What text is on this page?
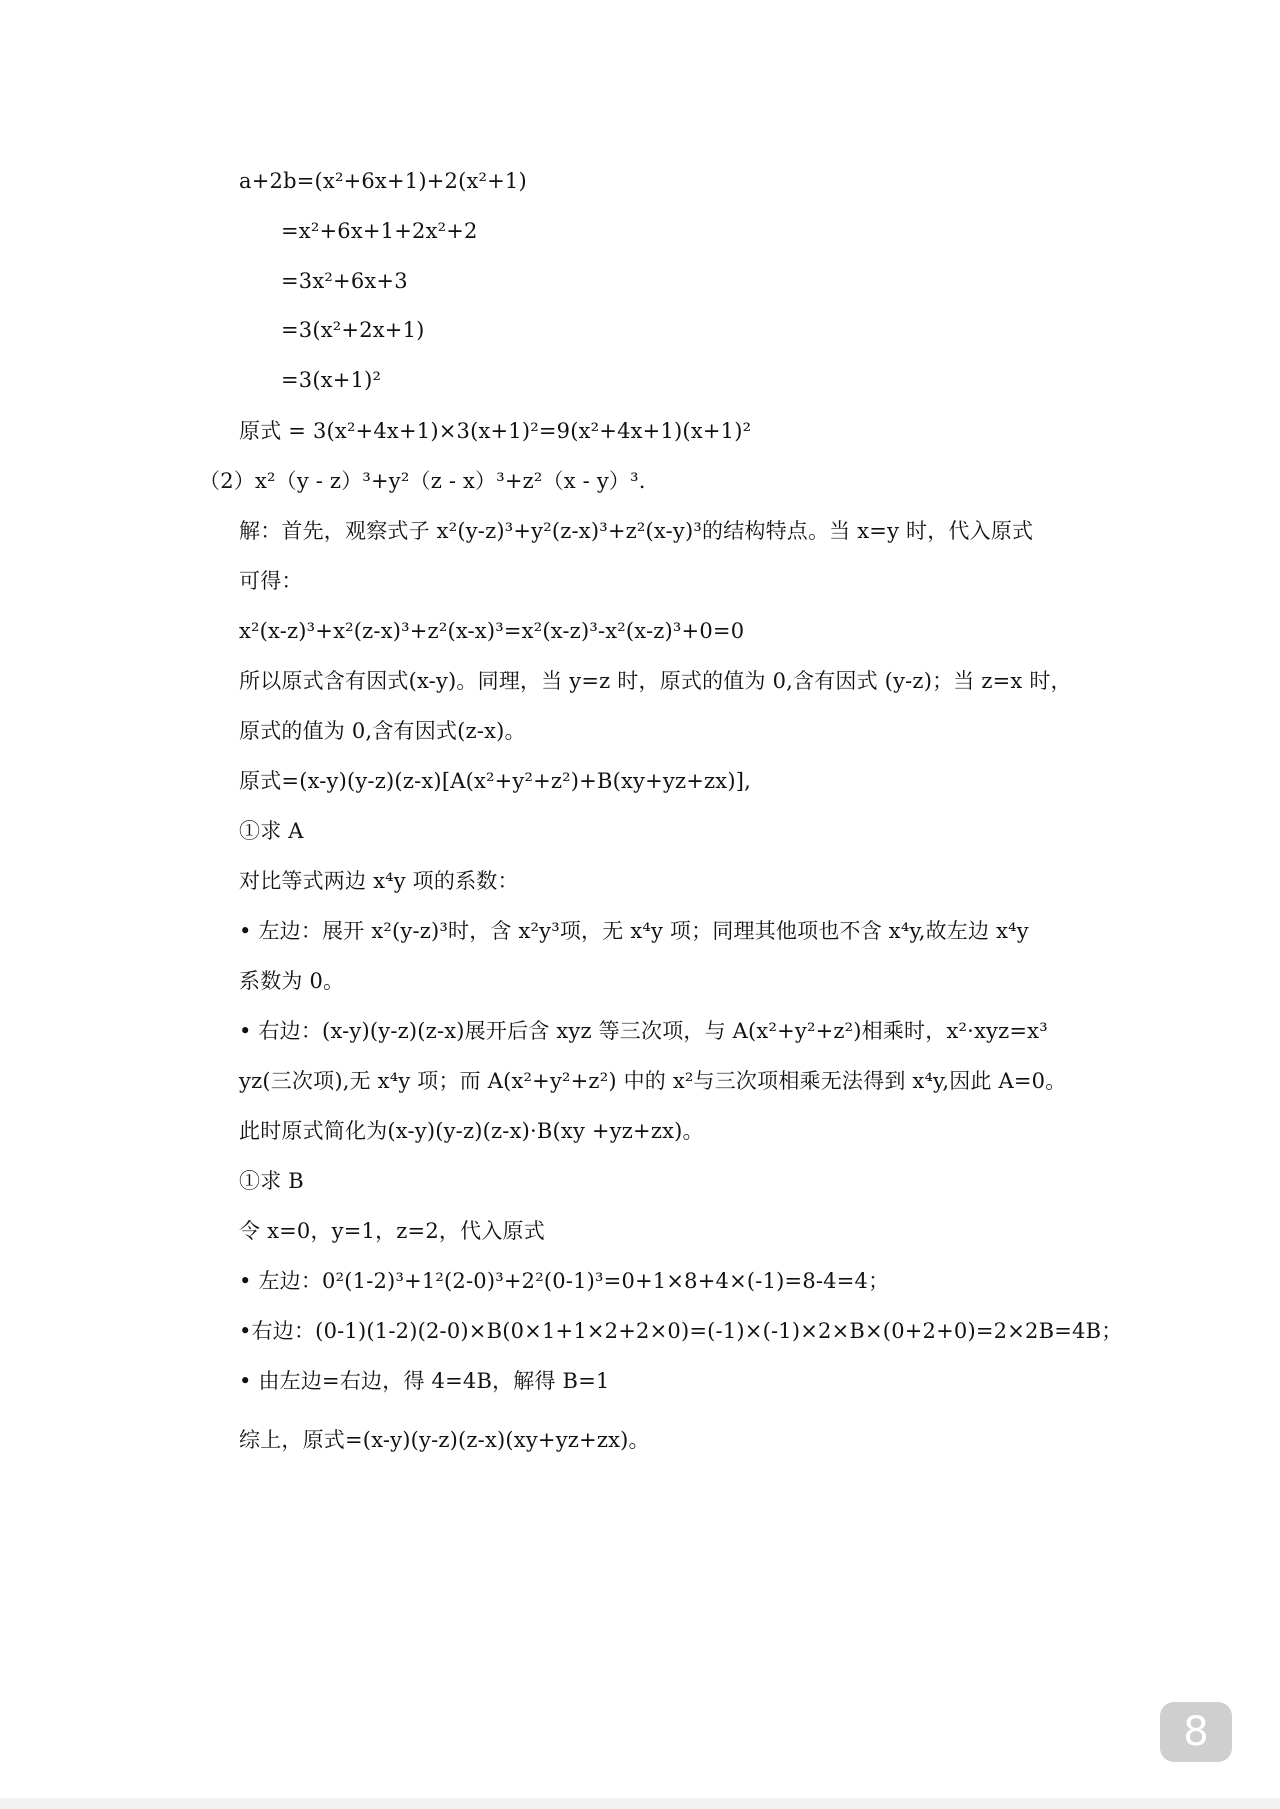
a+2b=(x²+6x+1)+2(x²+1)
=x²+6x+1+2x²+2
=3x²+6x+3
=3(x²+2x+1)
=3(x+1)²
原式 = 3(x²+4x+1)×3(x+1)²=9(x²+4x+1)(x+1)²
（2）x²（y - z）³+y²（z - x）³+z²（x - y）³.
解：首先，观察式子 x²(y-z)³+y²(z-x)³+z²(x-y)³的结构特点。当 x=y 时，代入原式
可得：
x²(x-z)³+x²(z-x)³+z²(x-x)³=x²(x-z)³-x²(x-z)³+0=0
所以原式含有因式(x-y)。同理，当 y=z 时，原式的值为 0,含有因式 (y-z)；当 z=x 时，
原式的值为 0,含有因式(z-x)。
原式=(x-y)(y-z)(z-x)[A(x²+y²+z²)+B(xy+yz+zx)],
①求 A
对比等式两边 x⁴y 项的系数：
• 左边：展开 x²(y-z)³时，含 x²y³项，无 x⁴y 项；同理其他项也不含 x⁴y,故左边 x⁴y
系数为 0。
• 右边：(x-y)(y-z)(z-x)展开后含 xyz 等三次项，与 A(x²+y²+z²)相乘时，x²·xyz=x³
yz(三次项),无 x⁴y 项；而 A(x²+y²+z²) 中的 x²与三次项相乘无法得到 x⁴y,因此 A=0。
此时原式简化为(x-y)(y-z)(z-x)·B(xy +yz+zx)。
①求 B
令 x=0，y=1，z=2，代入原式
• 左边：0²(1-2)³+1²(2-0)³+2²(0-1)³=0+1×8+4×(-1)=8-4=4；
•右边：(0-1)(1-2)(2-0)×B(0×1+1×2+2×0)=(-1)×(-1)×2×B×(0+2+0)=2×2B=4B；
• 由左边=右边，得 4=4B，解得 B=1
综上，原式=(x-y)(y-z)(z-x)(xy+yz+zx)。
8
